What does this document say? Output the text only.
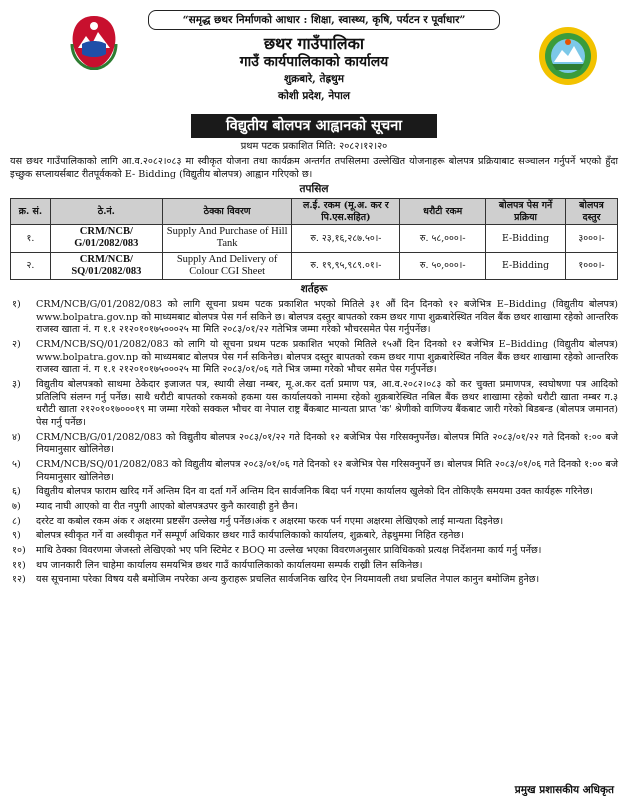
“समृद्ध छथर निर्माणको आधार : शिक्षा, स्वास्थ्य, कृषि, पर्यटन र पूर्वाधार”
छथर गाउँपालिका
गाउँ कार्यपालिकाको कार्यालय
शुक्रबारे, तेह्रथुम
कोशी प्रदेश, नेपाल
विद्युतीय बोलपत्र आह्वानको सूचना
प्रथम पटक प्रकाशित मिति: २०८२।१२।२०
यस छथर गाउँपालिकाको लागि आ.व.२०८२।०८३ मा स्वीकृत योजना तथा कार्यक्रम अन्तर्गत तपसिलमा उल्लेखित योजनाहरू बोलपत्र प्रक्रियाबाट सञ्चालन गर्नुपर्ने भएको हुँदा इच्छुक सप्लायर्सबाट रीतपूर्वकको E- Bidding (विद्युतीय बोलपत्र) आह्वान गरिएको छ।
तपसिल
क्र. सं.	ठे.नं.	ठेक्का विवरण	ल.ई. रकम (मू.अ. कर र पि.एस.सहित)	धरौटी रकम	बोलपत्र पेस गर्ने प्रक्रिया	बोलपत्र दस्तुर
१.	CRM/NCB/ G/01/2082/083	Supply And Purchase of Hill Tank	रु. २३,१६,२८७.५०।-	रु. ५८,०००।-	E-Bidding	३०००।-
२.	CRM/NCB/ SQ/01/2082/083	Supply And Delivery of Colour CGI Sheet	रु. १९,९५,९८९.०१।-	रु. ५०,०००।-	E-Bidding	१०००।-
शर्तहरू
१) CRM/NCB/G/01/2082/083 को लागि सूचना प्रथम पटक प्रकाशित भएको मितिले ३१ औं दिन दिनको १२ बजेभित्र E–Bidding (विद्युतीय बोलपत्र) www.bolpatra.gov.np को माध्यमबाट बोलपत्र पेस गर्न सकिने छ। बोलपत्र दस्तुर बापतको रकम छथर गापा शुक्रबारेस्थित नविल बैंक छथर शाखामा रहेको आन्तरिक राजस्व खाता नं. ग १.१ २१२०१०१७५०००२५ मा मिति २०८३/०१/२२ गतेभित्र जम्मा गरेको भौचरसमेत पेस गर्नुपर्नेछ।
२) CRM/NCB/SQ/01/2082/083 को लागि यो सूचना प्रथम पटक प्रकाशित भएको मितिले १५औं दिन दिनको १२ बजेभित्र E–Bidding (विद्युतीय बोलपत्र) www.bolpatra.gov.np को माध्यमबाट बोलपत्र पेस गर्न सकिनेछ। बोलपत्र दस्तुर बापतको रकम छथर गापा शुक्रबारेस्थित नविल बैंक छथर शाखामा रहेको आन्तरिक राजस्व खाता नं. ग १.१ २१२०१०१७५०००२५ मा मिति २०८३/०१/०६ गते भित्र जम्मा गरेको भौचर समेत पेस गर्नुपर्नेछ।
३) विद्युतीय बोलपत्रको साथमा ठेकेदार इजाजत पत्र, स्थायी लेखा नम्बर, मू.अ.कर दर्ता प्रमाण पत्र, आ.व.२०८२।०८३ को कर चुक्ता प्रमाणपत्र, स्वघोषणा पत्र आदिको प्रतिलिपि संलग्न गर्नु पर्नेछ। साथै धरौटी बापतको रकमको हकमा यस कार्यालयको नाममा रहेको शुक्रबारेस्थित नबिल बैंक छथर शाखामा रहेको धरौटी खाता नम्बर ग.३ धरौटी खाता २१२०१०१७०००१९ मा जम्मा गरेको सक्कल भौचर वा नेपाल राष्ट्र बैंकबाट मान्यता प्राप्त 'क' श्रेणीको वाणिज्य बैंकबाट जारी गरेको बिडबन्ड (बोलपत्र जमानत) पेस गर्नु पर्नेछ।
४) CRM/NCB/G/01/2082/083 को विद्युतीय बोलपत्र २०८३/०१/२२ गते दिनको १२ बजेभित्र पेस गरिसक्नुपर्नेछ। बोलपत्र मिति २०८३/०१/२२ गते दिनको १:०० बजे नियमानुसार खोलिनेछ।
५) CRM/NCB/SQ/01/2082/083 को विद्युतीय बोलपत्र २०८३/०१/०६ गते दिनको १२ बजेभित्र पेस गरिसक्नुपर्ने छ। बोलपत्र मिति २०८३/०१/०६ गते दिनको १:०० बजे नियमानुसार खोलिनेछ।
६) विद्युतीय बोलपत्र फाराम खरिद गर्ने अन्तिम दिन वा दर्ता गर्ने अन्तिम दिन सार्वजनिक बिदा पर्न गएमा कार्यालय खुलेको दिन तोकिएकै समयमा उक्त कार्यहरू गरिनेछ।
७) म्याद नाघी आएको वा रीत नपुगी आएको बोलपत्रउपर कुनै कारवाही हुने छैन।
८) दररेट वा कबोल रकम अंक र अक्षरमा प्रष्टसँग उल्लेख गर्नु पर्नेछ।अंक र अक्षरमा फरक पर्न गएमा अक्षरमा लेखिएको लाई मान्यता दिइनेछ।
९) बोलपत्र स्वीकृत गर्ने वा अस्वीकृत गर्ने सम्पूर्ण अधिकार छथर गाउँ कार्यपालिकाको कार्यालय, शुक्रबारे, तेह्रथुममा निहित रहनेछ।
१०) माथि ठेक्का विवरणमा जेजस्तो लेखिएको भए पनि स्टिमेट र BOQ मा उल्लेख भएका विवरणअनुसार प्राविधिकको प्रत्यक्ष निर्देशनमा कार्य गर्नु पर्नेछ।
११) थप जानकारी लिन चाहेमा कार्यालय समयभित्र छथर गाउँ कार्यपालिकाको कार्यालयमा सम्पर्क राख्री लिन सकिनेछ।
१२) यस सूचनामा परेका विषय यसै बमोजिम नपरेका अन्य कुराहरू प्रचलित सार्वजनिक खरिद ऐन नियमावली तथा प्रचलित नेपाल कानुन बमोजिम हुनेछ।
प्रमुख प्रशासकीय अधिकृत
